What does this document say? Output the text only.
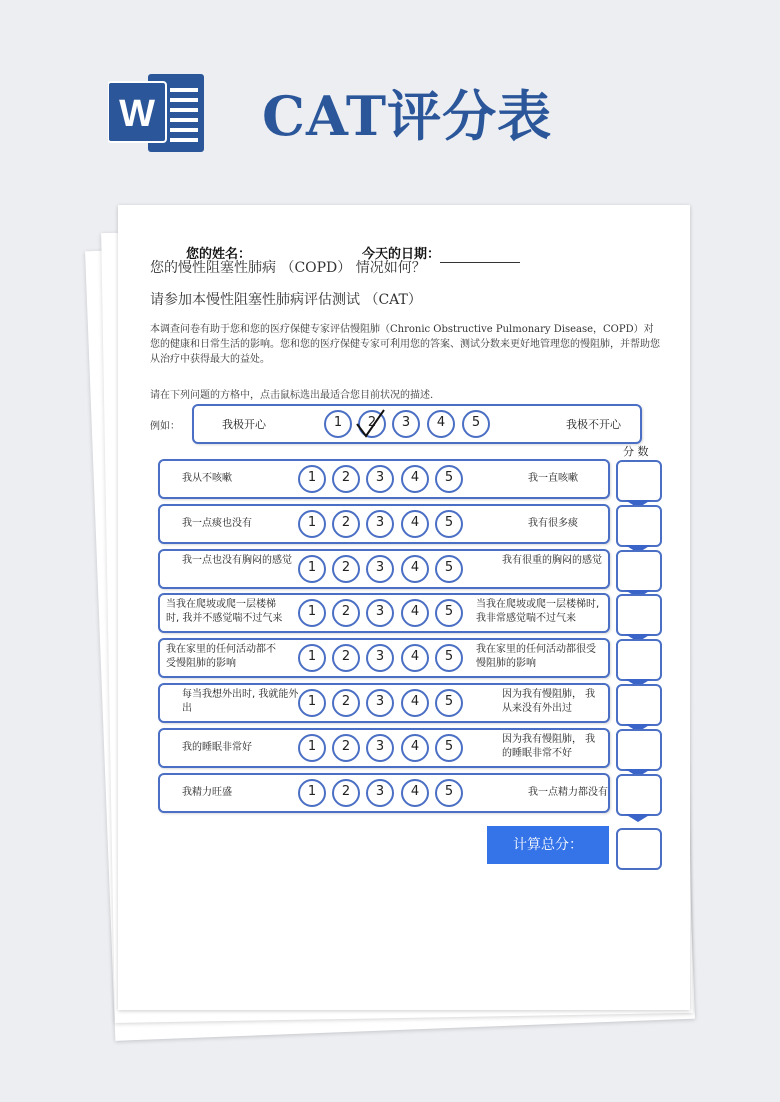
W CAT评分表
您的姓名：	今天的日期：
您的慢性阻塞性肺病 （COPD） 情况如何？
请参加本慢性阻塞性肺病评估测试 （CAT）
本调查问卷有助于您和您的医疗保健专家评估慢阻肺（Chronic Obstructive Pulmonary Disease，COPD）对您的健康和日常生活的影响。您和您的医疗保健专家可利用您的答案、测试分数来更好地管理您的慢阻肺，并帮助您从治疗中获得最大的益处。
请在下列问题的方格中，点击鼠标选出最适合您目前状况的描述.
例如：	我极开心	1	2	3	4	5	我极不开心
分 数
我从不咳嗽	1	2	3	4	5	我一直咳嗽
我一点痰也没有	1	2	3	4	5	我有很多痰
我一点也没有胸闷的感觉	1	2	3	4	5	我有很重的胸闷的感觉
当我在爬坡或爬一层楼梯时, 我并不感觉喘不过气来	1	2	3	4	5	当我在爬坡或爬一层楼梯时, 我非常感觉喘不过气来
我在家里的任何活动都不受慢阻肺的影响	1	2	3	4	5	我在家里的任何活动都很受慢阻肺的影响
每当我想外出时, 我就能外出	1	2	3	4	5	因为我有慢阻肺， 我从来没有外出过
我的睡眠非常好	1	2	3	4	5	因为我有慢阻肺， 我的睡眠非常不好
我精力旺盛	1	2	3	4	5	我一点精力都没有
计算总分：
